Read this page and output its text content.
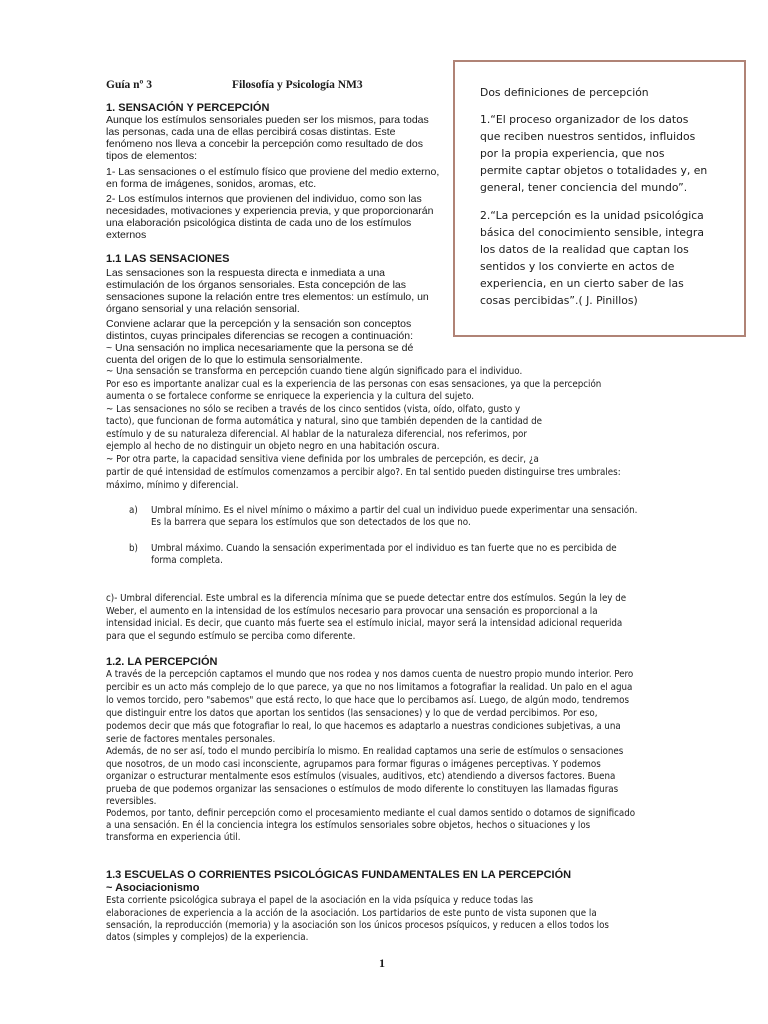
Guía nº 3	Filosofía y Psicología NM3
Dos definiciones de percepción
1.“El proceso organizador de los datos
que reciben nuestros sentidos, influidos
por la propia experiencia, que nos
permite captar objetos o totalidades y, en
general, tener conciencia del mundo”.
2.“La percepción es la unidad psicológica
básica del conocimiento sensible, integra
los datos de la realidad que captan los
sentidos y los convierte en actos de
experiencia, en un cierto saber de las
cosas percibidas”.( J. Pinillos)
1. SENSACIÓN Y PERCEPCIÓN
Aunque los estímulos sensoriales pueden ser los mismos, para todas
las personas, cada una de ellas percibirá cosas distintas. Este
fenómeno nos lleva a concebir la percepción como resultado de dos
tipos de elementos:
1- Las sensaciones o el estímulo físico que proviene del medio externo,
en forma de imágenes, sonidos, aromas, etc.
2- Los estímulos internos que provienen del individuo, como son las
necesidades, motivaciones y experiencia previa, y que proporcionarán
una elaboración psicológica distinta de cada uno de los estímulos
externos
1.1 LAS SENSACIONES
Las sensaciones son la respuesta directa e inmediata a una
estimulación de los órganos sensoriales. Esta concepción de las
sensaciones supone la relación entre tres elementos: un estímulo, un
órgano sensorial y una relación sensorial.
Conviene aclarar que la percepción y la sensación son conceptos
distintos, cuyas principales diferencias se recogen a continuación:
~ Una sensación no implica necesariamente que la persona se dé
cuenta del origen de lo que lo estimula sensorialmente.
~ Una sensación se transforma en percepción cuando tiene algún significado para el individuo.
Por eso es importante analizar cual es la experiencia de las personas con esas sensaciones, ya que la percepción
aumenta o se fortalece conforme se enriquece la experiencia y la cultura del sujeto.
~ Las sensaciones no sólo se reciben a través de los cinco sentidos (vista, oído, olfato, gusto y
tacto), que funcionan de forma automática y natural, sino que también dependen de la cantidad de
estímulo y de su naturaleza diferencial. Al hablar de la naturaleza diferencial, nos referimos, por
ejemplo al hecho de no distinguir un objeto negro en una habitación oscura.
~ Por otra parte, la capacidad sensitiva viene definida por los umbrales de percepción, es decir, ¿a
partir de qué intensidad de estímulos comenzamos a percibir algo?. En tal sentido pueden distinguirse tres umbrales:
máximo, mínimo y diferencial.
a) Umbral mínimo. Es el nivel mínimo o máximo a partir del cual un individuo puede experimentar una sensación.
Es la barrera que separa los estímulos que son detectados de los que no.
b) Umbral máximo. Cuando la sensación experimentada por el individuo es tan fuerte que no es percibida de
forma completa.
c)- Umbral diferencial. Este umbral es la diferencia mínima que se puede detectar entre dos estímulos. Según la ley de
Weber, el aumento en la intensidad de los estímulos necesario para provocar una sensación es proporcional a la
intensidad inicial. Es decir, que cuanto más fuerte sea el estímulo inicial, mayor será la intensidad adicional requerida
para que el segundo estímulo se perciba como diferente.
1.2. LA PERCEPCIÓN
A través de la percepción captamos el mundo que nos rodea y nos damos cuenta de nuestro propio mundo interior. Pero
percibir es un acto más complejo de lo que parece, ya que no nos limitamos a fotografiar la realidad. Un palo en el agua
lo vemos torcido, pero "sabemos" que está recto, lo que hace que lo percibamos así. Luego, de algún modo, tendremos
que distinguir entre los datos que aportan los sentidos (las sensaciones) y lo que de verdad percibimos. Por eso,
podemos decir que más que fotografiar lo real, lo que hacemos es adaptarlo a nuestras condiciones subjetivas, a una
serie de factores mentales personales.
Además, de no ser así, todo el mundo percibiría lo mismo. En realidad captamos una serie de estímulos o sensaciones
que nosotros, de un modo casi inconsciente, agrupamos para formar figuras o imágenes perceptivas. Y podemos
organizar o estructurar mentalmente esos estímulos (visuales, auditivos, etc) atendiendo a diversos factores. Buena
prueba de que podemos organizar las sensaciones o estímulos de modo diferente lo constituyen las llamadas figuras
reversibles.
Podemos, por tanto, definir percepción como el procesamiento mediante el cual damos sentido o dotamos de significado
a una sensación. En él la conciencia integra los estímulos sensoriales sobre objetos, hechos o situaciones y los
transforma en experiencia útil.
1.3 ESCUELAS O CORRIENTES PSICOLÓGICAS FUNDAMENTALES EN LA PERCEPCIÓN
~ Asociacionismo
Esta corriente psicológica subraya el papel de la asociación en la vida psíquica y reduce todas las
elaboraciones de experiencia a la acción de la asociación. Los partidarios de este punto de vista suponen que la
sensación, la reproducción (memoria) y la asociación son los únicos procesos psíquicos, y reducen a ellos todos los
datos (simples y complejos) de la experiencia.
1
